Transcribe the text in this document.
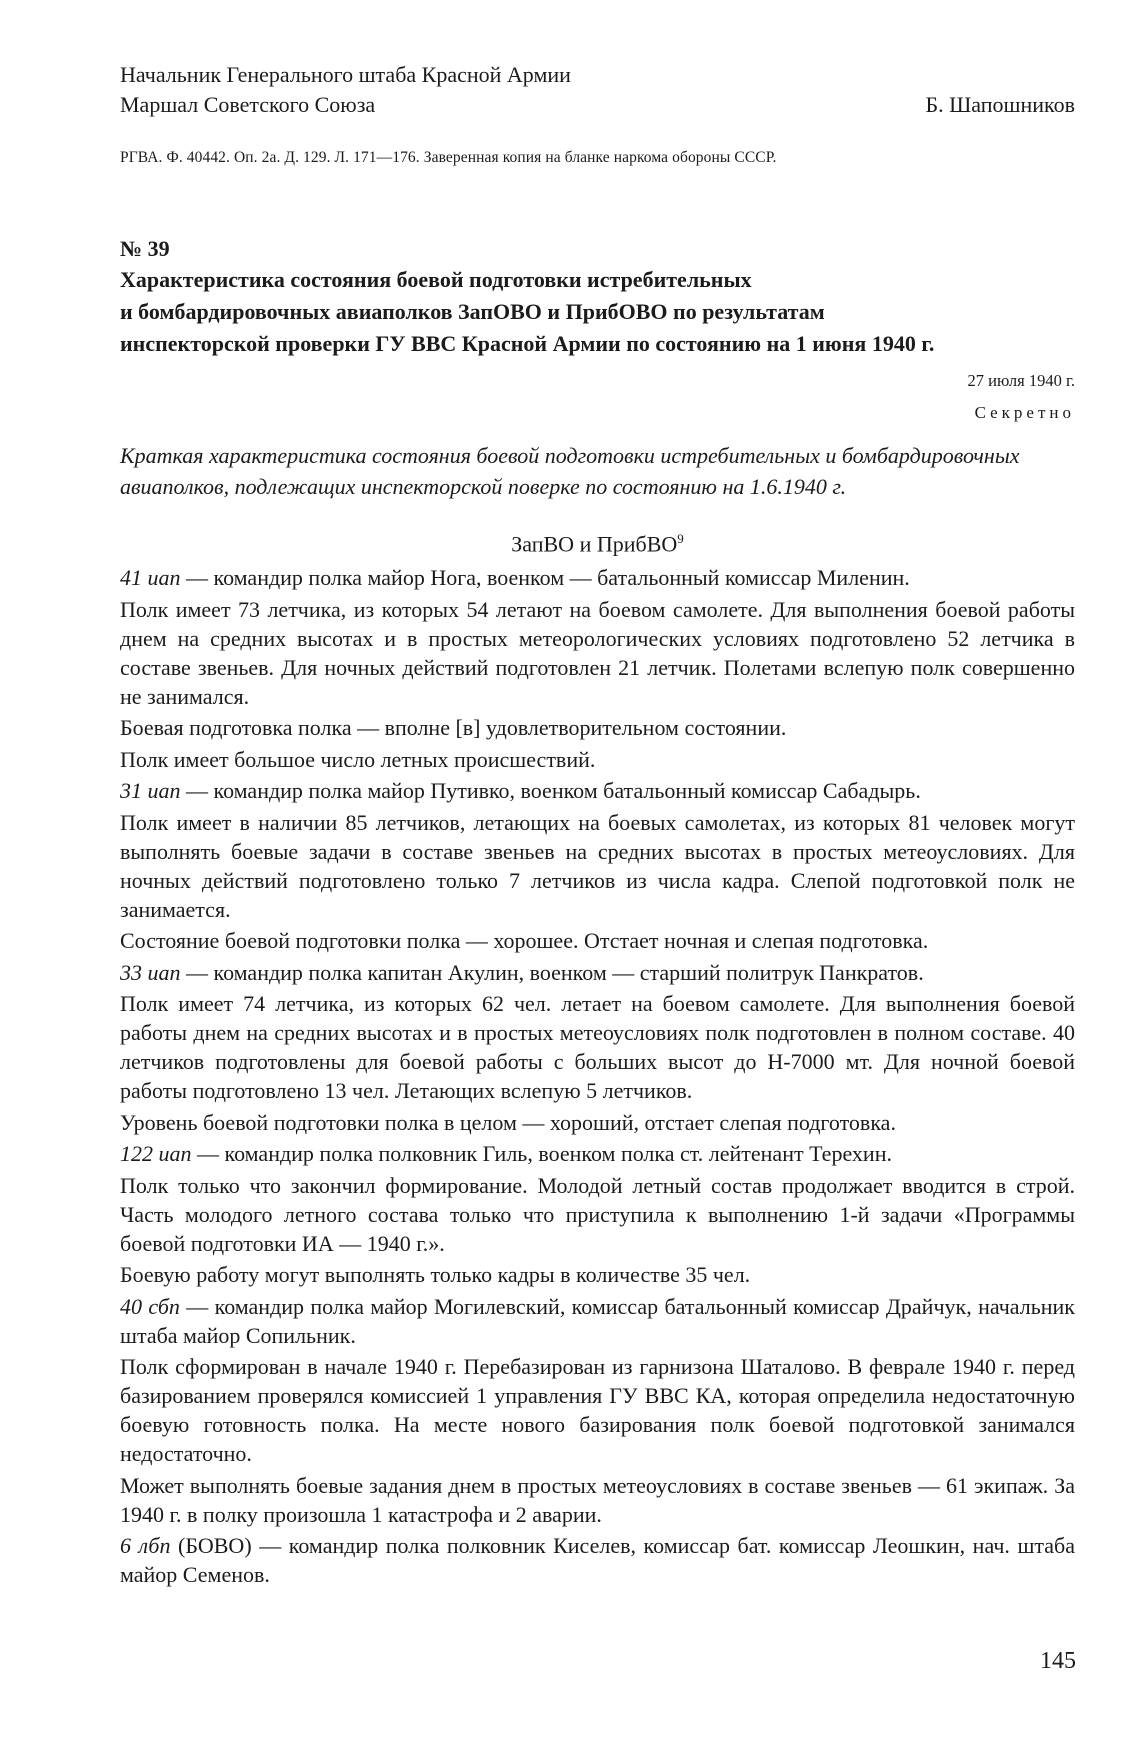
Начальник Генерального штаба Красной Армии
Маршал Советского Союза	Б. Шапошников
РГВА. Ф. 40442. Оп. 2а. Д. 129. Л. 171—176. Заверенная копия на бланке наркома обороны СССР.
№ 39
Характеристика состояния боевой подготовки истребительных
и бомбардировочных авиаполков ЗапОВО и ПрибОВО по результатам
инспекторской проверки ГУ ВВС Красной Армии по состоянию на 1 июня 1940 г.
27 июля 1940 г.
Секретно
Краткая характеристика состояния боевой подготовки истребительных и бомбардировочных авиаполков, подлежащих инспекторской поверке по состоянию на 1.6.1940 г.
ЗапВО и ПрибВО$^9$
41 иап — командир полка майор Нога, военком — батальонный комиссар Миленин.
Полк имеет 73 летчика, из которых 54 летают на боевом самолете. Для выполнения боевой работы днем на средних высотах и в простых метеорологических условиях подготовлено 52 летчика в составе звеньев. Для ночных действий подготовлен 21 летчик. Полетами вслепую полк совершенно не занимался.
Боевая подготовка полка — вполне [в] удовлетворительном состоянии.
Полк имеет большое число летных происшествий.
31 иап — командир полка майор Путивко, военком батальонный комиссар Сабадырь.
Полк имеет в наличии 85 летчиков, летающих на боевых самолетах, из которых 81 человек могут выполнять боевые задачи в составе звеньев на средних высотах в простых метеоусловиях. Для ночных действий подготовлено только 7 летчиков из числа кадра. Слепой подготовкой полк не занимается.
Состояние боевой подготовки полка — хорошее. Отстает ночная и слепая подготовка.
33 иап — командир полка капитан Акулин, военком — старший политрук Панкратов.
Полк имеет 74 летчика, из которых 62 чел. летает на боевом самолете. Для выполнения боевой работы днем на средних высотах и в простых метеоусловиях полк подготовлен в полном составе. 40 летчиков подготовлены для боевой работы с больших высот до Н-7000 мт. Для ночной боевой работы подготовлено 13 чел. Летающих вслепую 5 летчиков.
Уровень боевой подготовки полка в целом — хороший, отстает слепая подготовка.
122 иап — командир полка полковник Гиль, военком полка ст. лейтенант Терехин.
Полк только что закончил формирование. Молодой летный состав продолжает вводится в строй. Часть молодого летного состава только что приступила к выполнению 1-й задачи «Программы боевой подготовки ИА — 1940 г.».
Боевую работу могут выполнять только кадры в количестве 35 чел.
40 сбп — командир полка майор Могилевский, комиссар батальонный комиссар Драйчук, начальник штаба майор Сопильник.
Полк сформирован в начале 1940 г. Перебазирован из гарнизона Шаталово. В феврале 1940 г. перед базированием проверялся комиссией 1 управления ГУ ВВС КА, которая определила недостаточную боевую готовность полка. На месте нового базирования полк боевой подготовкой занимался недостаточно.
Может выполнять боевые задания днем в простых метеоусловиях в составе звеньев — 61 экипаж. За 1940 г. в полку произошла 1 катастрофа и 2 аварии.
6 лбп (БОВО) — командир полка полковник Киселев, комиссар бат. комиссар Леошкин, нач. штаба майор Семенов.
145
